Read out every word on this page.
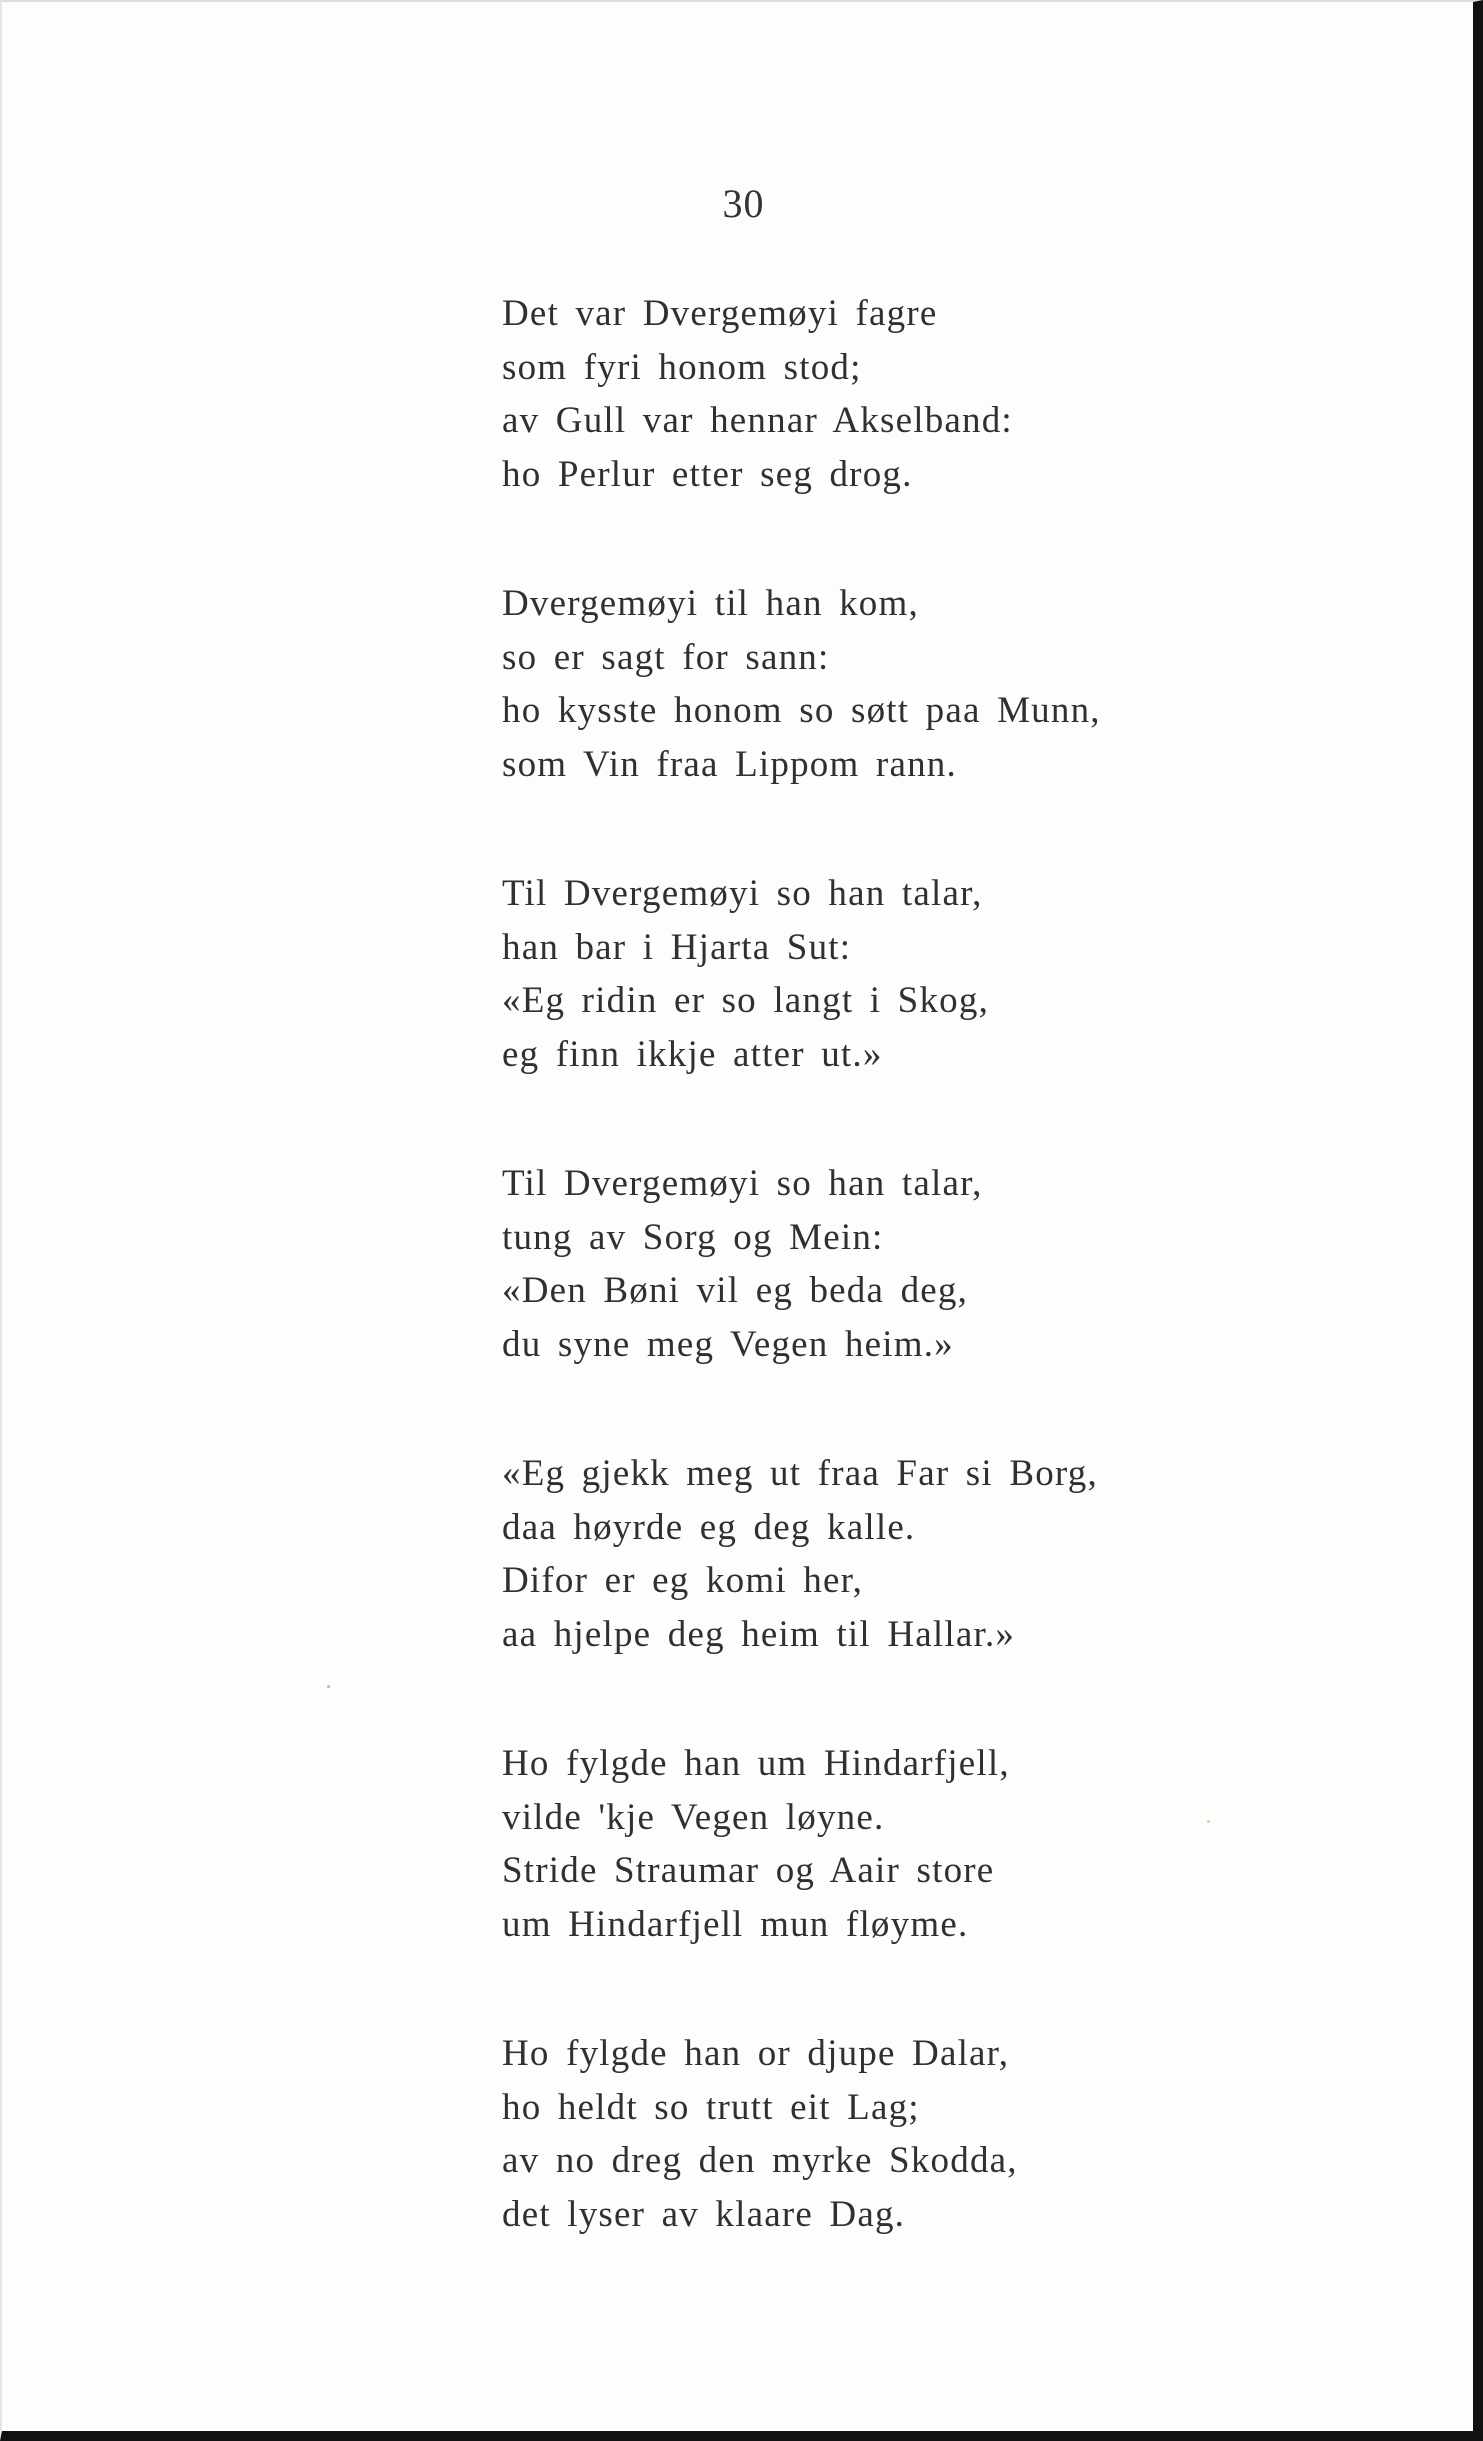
30
Det var Dvergemøyi fagre
som fyri honom stod;
av Gull var hennar Akselband:
ho Perlur etter seg drog.
Dvergemøyi til han kom,
so er sagt for sann:
ho kysste honom so søtt paa Munn,
som Vin fraa Lippom rann.
Til Dvergemøyi so han talar,
han bar i Hjarta Sut:
«Eg ridin er so langt i Skog,
eg finn ikkje atter ut.»
Til Dvergemøyi so han talar,
tung av Sorg og Mein:
«Den Bøni vil eg beda deg,
du syne meg Vegen heim.»
«Eg gjekk meg ut fraa Far si Borg,
daa høyrde eg deg kalle.
Difor er eg komi her,
aa hjelpe deg heim til Hallar.»
Ho fylgde han um Hindarfjell,
vilde 'kje Vegen løyne.
Stride Straumar og Aair store
um Hindarfjell mun fløyme.
Ho fylgde han or djupe Dalar,
ho heldt so trutt eit Lag;
av no dreg den myrke Skodda,
det lyser av klaare Dag.
